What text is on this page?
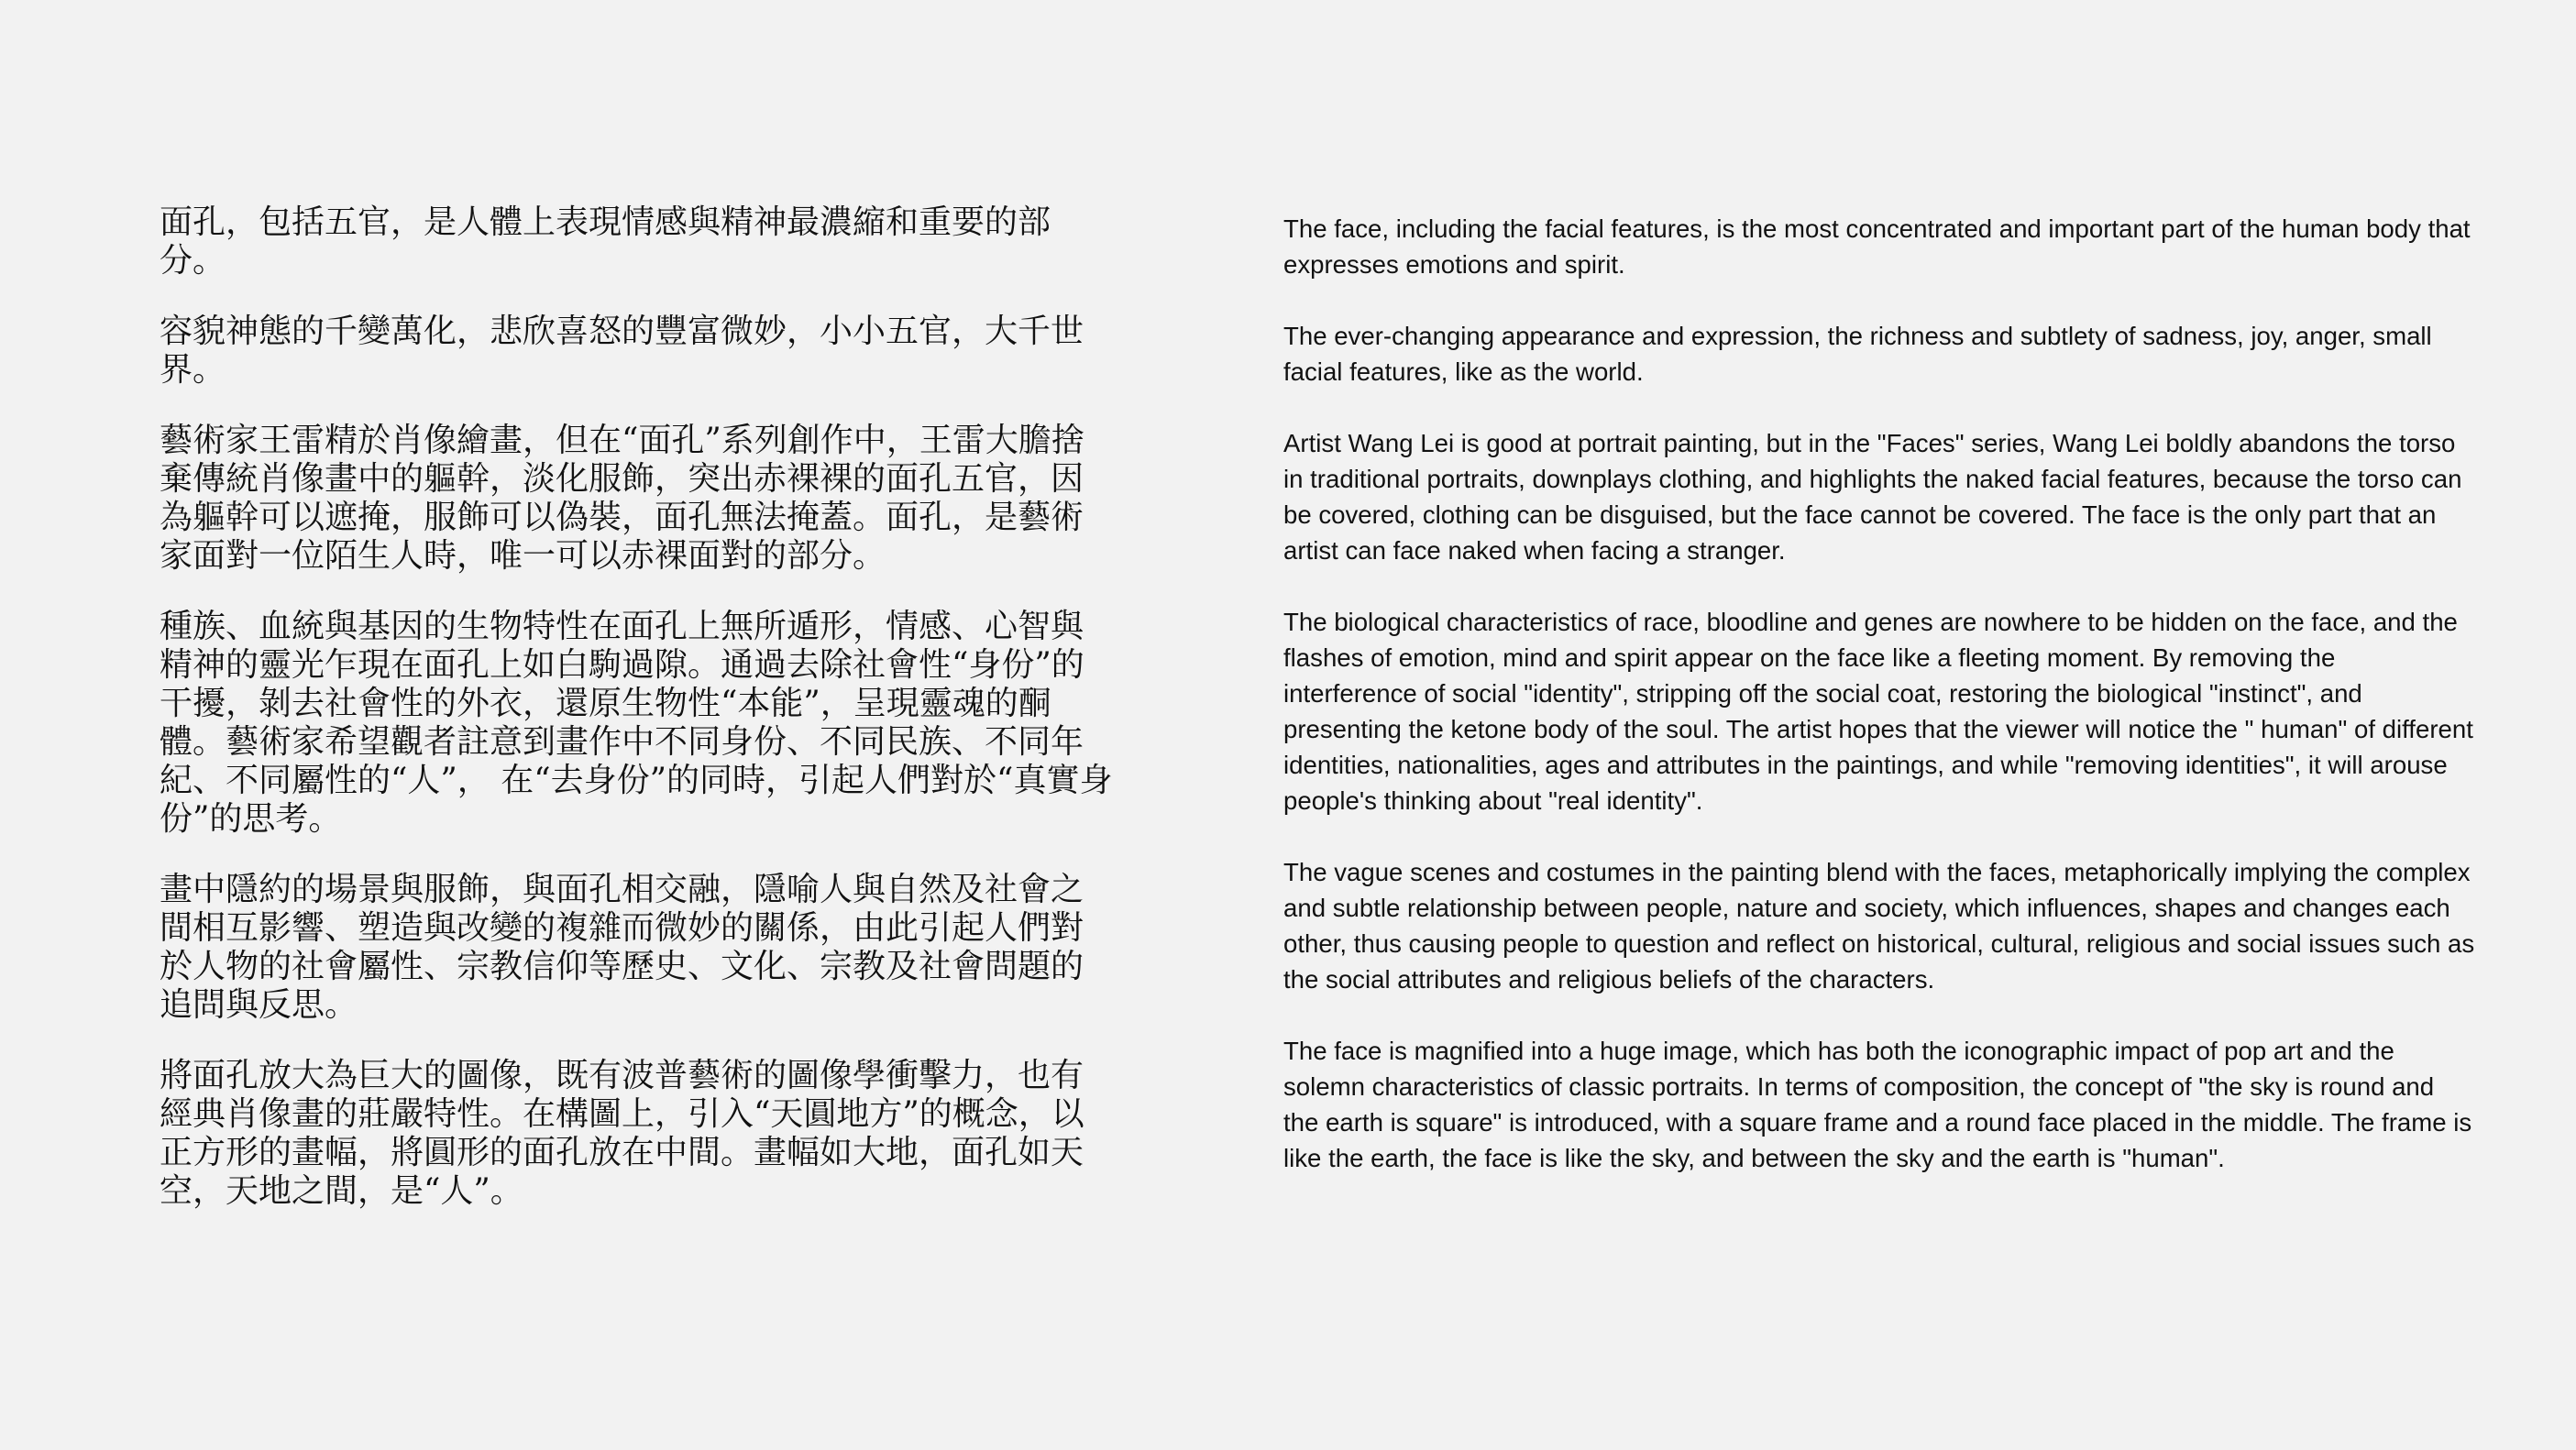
面孔，包括五官，是人體上表現情感與精神最濃縮和重要的部分。

容貌神態的千變萬化，悲欣喜怒的豐富微妙，小小五官，大千世界。

藝術家王雷精於肖像繪畫，但在“面孔”系列創作中，王雷大膽捨棄傳統肖像畫中的軀幹，淡化服飾，突出赤裸裸的面孔五官，因為軀幹可以遮掩，服飾可以偽裝，面孔無法掩蓋。面孔，是藝術家面對一位陌生人時，唯一可以赤裸面對的部分。

種族、血統與基因的生物特性在面孔上無所遁形，情感、心智與精神的靈光乍現在面孔上如白駒過隙。通過去除社會性“身份”的干擾，剝去社會性的外衣，還原生物性“本能”，呈現靈魂的酮體。藝術家希望觀者註意到畫作中不同身份、不同民族、不同年紀、不同屬性的“人”， 在“去身份”的同時，引起人們對於“真實身份”的思考。

畫中隱約的場景與服飾，與面孔相交融，隱喻人與自然及社會之間相互影響、塑造與改變的複雜而微妙的關係，由此引起人們對於人物的社會屬性、宗教信仰等歷史、文化、宗教及社會問題的追問與反思。

將面孔放大為巨大的圖像，既有波普藝術的圖像學衝擊力，也有經典肖像畫的莊嚴特性。在構圖上，引入“天圓地方”的概念，以正方形的畫幅，將圓形的面孔放在中間。畫幅如大地，面孔如天空，天地之間，是“人”。

The face, including the facial features, is the most concentrated and important part of the human body that expresses emotions and spirit.

The ever-changing appearance and expression, the richness and subtlety of sadness, joy, anger, small facial features, like as the world.

Artist Wang Lei is good at portrait painting, but in the "Faces" series, Wang Lei boldly abandons the torso in traditional portraits, downplays clothing, and highlights the naked facial features, because the torso can be covered, clothing can be disguised, but the face cannot be covered. The face is the only part that an artist can face naked when facing a stranger.

The biological characteristics of race, bloodline and genes are nowhere to be hidden on the face, and the flashes of emotion, mind and spirit appear on the face like a fleeting moment. By removing the interference of social "identity", stripping off the social coat, restoring the biological "instinct", and presenting the ketone body of the soul. The artist hopes that the viewer will notice the " human" of different identities, nationalities, ages and attributes in the paintings, and while "removing identities", it will arouse people's thinking about "real identity".

The vague scenes and costumes in the painting blend with the faces, metaphorically implying the complex and subtle relationship between people, nature and society, which influences, shapes and changes each other, thus causing people to question and reflect on historical, cultural, religious and social issues such as the social attributes and religious beliefs of the characters.

The face is magnified into a huge image, which has both the iconographic impact of pop art and the solemn characteristics of classic portraits. In terms of composition, the concept of "the sky is round and the earth is square" is introduced, with a square frame and a round face placed in the middle. The frame is like the earth, the face is like the sky, and between the sky and the earth is "human".
